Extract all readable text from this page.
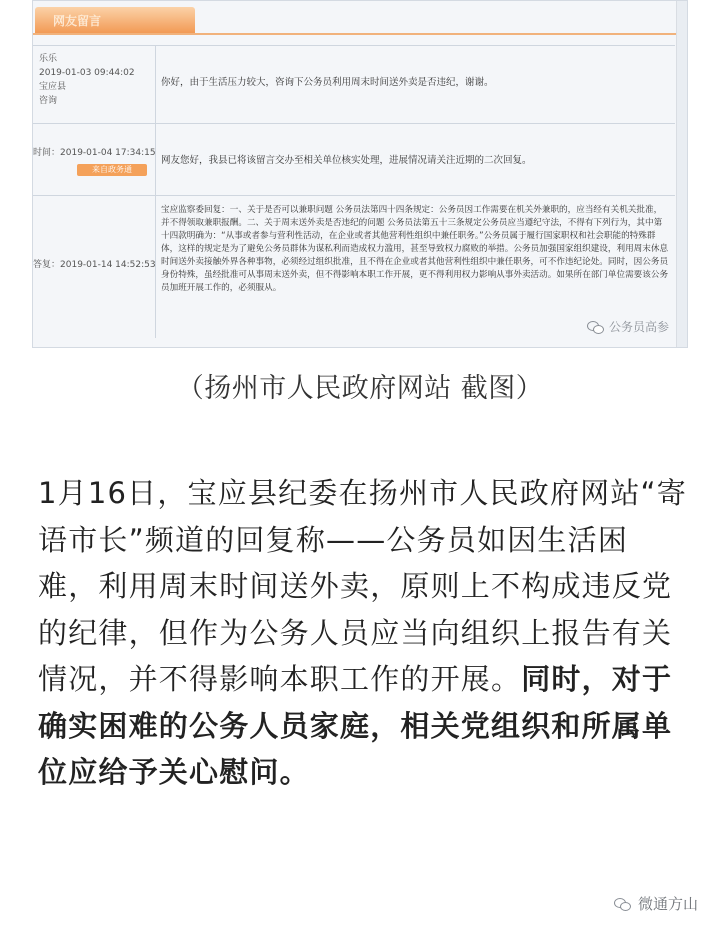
网友留言
乐乐
2019-01-03 09:44:02
宝应县
咨询
你好，由于生活压力较大，咨询下公务员利用周末时间送外卖是否违纪，谢谢。
时间：2019-01-04 17:34:15
来自政务通
网友您好，我县已将该留言交办至相关单位核实处理，进展情况请关注近期的二次回复。
答复：2019-01-14 14:52:53
宝应监察委回复：一、关于是否可以兼职问题 公务员法第四十四条规定：公务员因工作需要在机关外兼职的，应当经有关机关批准，并不得领取兼职报酬。二、关于周末送外卖是否违纪的问题 公务员法第五十三条规定公务员应当遵纪守法，不得有下列行为，其中第十四款明确为：“从事或者参与营利性活动，在企业或者其他营利性组织中兼任职务。”公务员属于履行国家职权和社会职能的特殊群体，这样的规定是为了避免公务员群体为谋私利而造成权力滥用，甚至导致权力腐败的举措。公务员加强国家组织建设，利用周末休息时间送外卖接触外界各种事物，必须经过组织批准，且不得在企业或者其他营利性组织中兼任职务，可不作违纪论处。同时，因公务员身份特殊，虽经批准可从事周末送外卖，但不得影响本职工作开展，更不得利用权力影响从事外卖活动。如果所在部门单位需要该公务员加班开展工作的，必须服从。
公务员高参
（扬州市人民政府网站 截图）
1月16日，宝应县纪委在扬州市人民政府网站“寄语市长”频道的回复称——公务员如因生活困难，利用周末时间送外卖，原则上不构成违反党的纪律，但作为公务人员应当向组织上报告有关情况，并不得影响本职工作的开展。同时，对于确实困难的公务人员家庭，相关党组织和所属单位应给予关心慰问。
微通方山
